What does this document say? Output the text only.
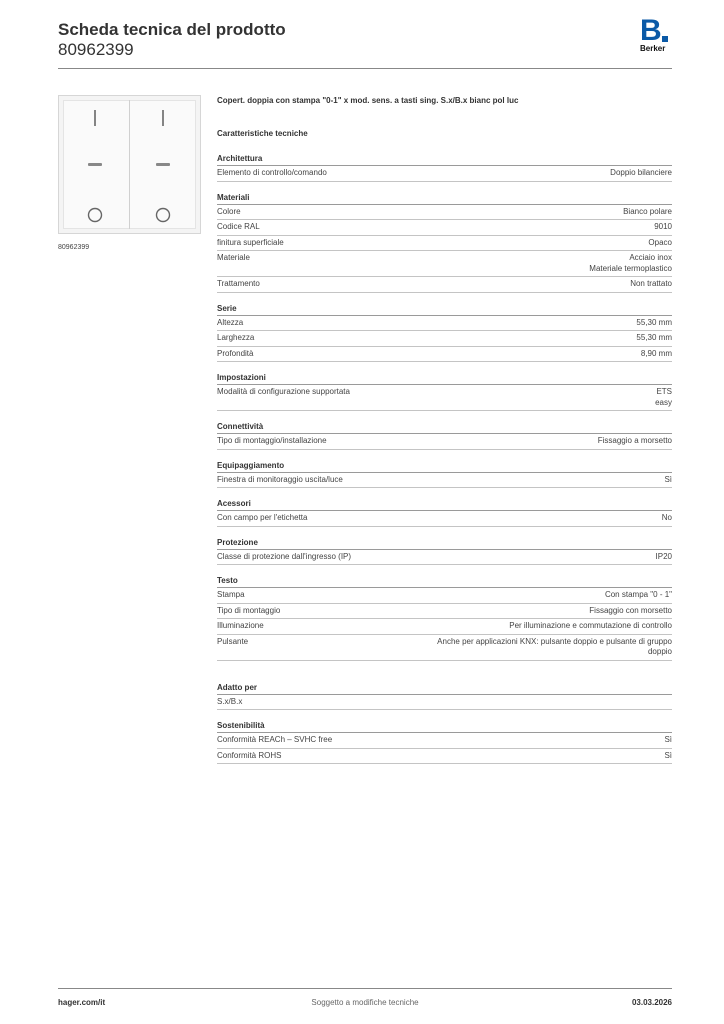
Scheda tecnica del prodotto
80962399
B
Berker
80962399
Copert. doppia con stampa "0-1" x mod. sens. a tasti sing. S.x/B.x bianc pol luc
Caratteristiche tecniche
Architettura
Elemento di controllo/comando	Doppio bilanciere
Materiali
Colore	Bianco polare
Codice RAL	9010
finitura superficiale	Opaco
Materiale	Acciaio inox
Materiale termoplastico
Trattamento	Non trattato
Serie
Altezza	55,30 mm
Larghezza	55,30 mm
Profondità	8,90 mm
Impostazioni
Modalità di configurazione supportata	ETS
easy
Connettività
Tipo di montaggio/installazione	Fissaggio a morsetto
Equipaggiamento
Finestra di monitoraggio uscita/luce	Sì
Acessori
Con campo per l'etichetta	No
Protezione
Classe di protezione dall'ingresso (IP)	IP20
Testo
Stampa	Con stampa "0 - 1"
Tipo di montaggio	Fissaggio con morsetto
Illuminazione	Per illuminazione e commutazione di controllo
Pulsante	Anche per applicazioni KNX: pulsante doppio e pulsante di gruppo
doppio
Adatto per
S.x/B.x
Sostenibilità
Conformità REACh – SVHC free	Sì
Conformità ROHS	Sì
hager.com/it	Soggetto a modifiche tecniche	03.03.2026
